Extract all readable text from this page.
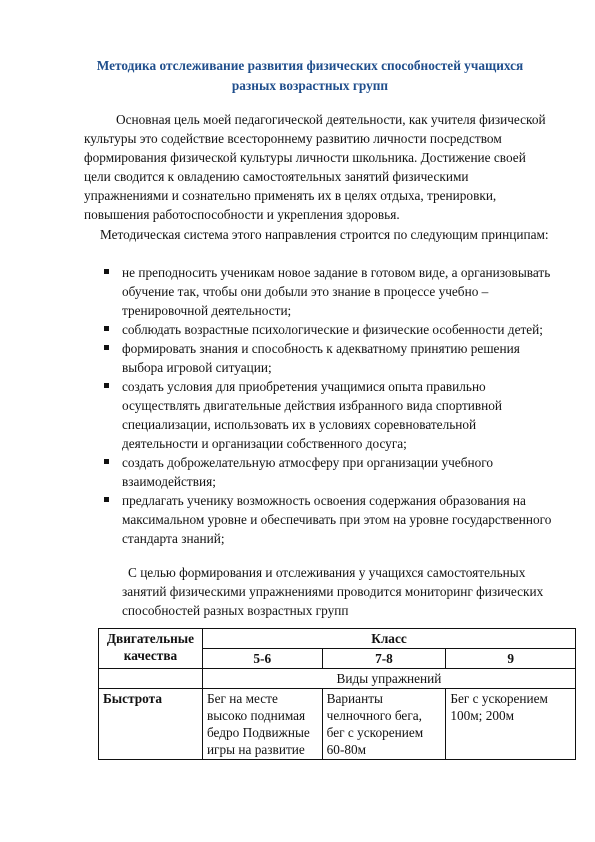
Методика отслеживание развития физических способностей учащихся
разных возрастных групп

Основная цель моей педагогической деятельности, как учителя физической культуры это содействие всестороннему развитию личности посредством формирования физической культуры личности школьника. Достижение своей цели сводится к овладению самостоятельных занятий физическими упражнениями и сознательно применять их в целях отдыха, тренировки, повышения работоспособности и укрепления здоровья.

Методическая система этого направления строится по следующим принципам:

не преподносить ученикам новое задание в готовом виде, а организовывать обучение так, чтобы они добыли это знание в процессе учебно – тренировочной деятельности;
соблюдать возрастные психологические и физические особенности детей;
формировать знания и способность к адекватному принятию решения выбора игровой ситуации;
создать условия для приобретения учащимися опыта правильно осуществлять двигательные действия избранного вида спортивной специализации, использовать их в условиях соревновательной деятельности и организации собственного досуга;
создать доброжелательную атмосферу при организации учебного взаимодействия;
предлагать ученику возможность освоения содержания образования на максимальном уровне и обеспечивать при этом на уровне государственного стандарта знаний;

С целью формирования и отслеживания у учащихся самостоятельных занятий физическими упражнениями проводится мониторинг физических способностей разных возрастных групп

Двигательные качества	Класс		
	5-6	7-8	9
	Виды упражнений		
Быстрота	Бег на месте высоко поднимая бедро Подвижные игры на развитие	Варианты челночного бега, бег с ускорением 60-80м	Бег с ускорением 100м; 200м
